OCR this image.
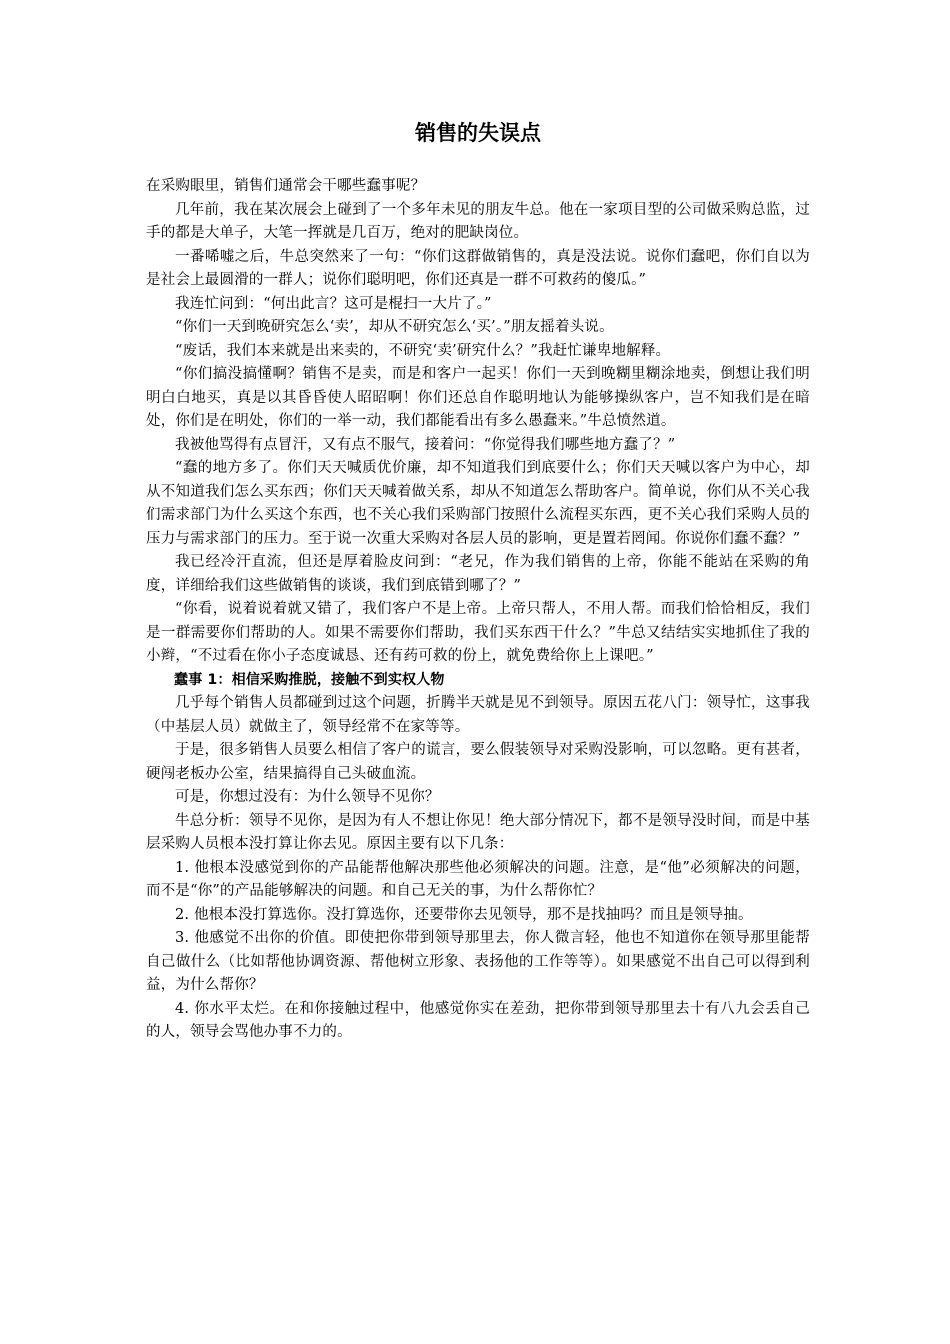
销售的失误点

在采购眼里，销售们通常会干哪些蠢事呢？

几年前，我在某次展会上碰到了一个多年未见的朋友牛总。他在一家项目型的公司做采购总监，过手的都是大单子，大笔一挥就是几百万，绝对的肥缺岗位。

一番唏嘘之后，牛总突然来了一句：“你们这群做销售的，真是没法说。说你们蠢吧，你们自以为是社会上最圆滑的一群人；说你们聪明吧，你们还真是一群不可救药的傻瓜。”

我连忙问到：“何出此言？这可是棍扫一大片了。”

“你们一天到晚研究怎么‘卖’，却从不研究怎么‘买’。”朋友摇着头说。

“废话，我们本来就是出来卖的，不研究‘卖’研究什么？”我赶忙谦卑地解释。

“你们搞没搞懂啊？销售不是卖，而是和客户一起买！你们一天到晚糊里糊涂地卖，倒想让我们明明白白地买，真是以其昏昏使人昭昭啊！你们还总自作聪明地认为能够操纵客户，岂不知我们是在暗处，你们是在明处，你们的一举一动，我们都能看出有多么愚蠢来。”牛总愤然道。

我被他骂得有点冒汗，又有点不服气，接着问：“你觉得我们哪些地方蠢了？”

“蠢的地方多了。你们天天喊质优价廉，却不知道我们到底要什么；你们天天喊以客户为中心，却从不知道我们怎么买东西；你们天天喊着做关系，却从不知道怎么帮助客户。简单说，你们从不关心我们需求部门为什么买这个东西，也不关心我们采购部门按照什么流程买东西，更不关心我们采购人员的压力与需求部门的压力。至于说一次重大采购对各层人员的影响，更是置若罔闻。你说你们蠢不蠢？”

我已经冷汗直流，但还是厚着脸皮问到：“老兄，作为我们销售的上帝，你能不能站在采购的角度，详细给我们这些做销售的谈谈，我们到底错到哪了？”

“你看，说着说着就又错了，我们客户不是上帝。上帝只帮人，不用人帮。而我们恰恰相反，我们是一群需要你们帮助的人。如果不需要你们帮助，我们买东西干什么？”牛总又结结实实地抓住了我的小辫，“不过看在你小子态度诚恳、还有药可救的份上，就免费给你上上课吧。”

蠢事 1：相信采购推脱，接触不到实权人物

几乎每个销售人员都碰到过这个问题，折腾半天就是见不到领导。原因五花八门：领导忙，这事我（中基层人员）就做主了，领导经常不在家等等。

于是，很多销售人员要么相信了客户的谎言，要么假装领导对采购没影响，可以忽略。更有甚者，硬闯老板办公室，结果搞得自己头破血流。

可是，你想过没有：为什么领导不见你？

牛总分析：领导不见你，是因为有人不想让你见！绝大部分情况下，都不是领导没时间，而是中基层采购人员根本没打算让你去见。原因主要有以下几条：

1. 他根本没感觉到你的产品能帮他解决那些他必须解决的问题。注意，是“他”必须解决的问题，而不是“你”的产品能够解决的问题。和自己无关的事，为什么帮你忙？

2. 他根本没打算选你。没打算选你，还要带你去见领导，那不是找抽吗？而且是领导抽。

3. 他感觉不出你的价值。即使把你带到领导那里去，你人微言轻，他也不知道你在领导那里能帮自己做什么（比如帮他协调资源、帮他树立形象、表扬他的工作等等）。如果感觉不出自己可以得到利益，为什么帮你？

4. 你水平太烂。在和你接触过程中，他感觉你实在差劲，把你带到领导那里去十有八九会丢自己的人，领导会骂他办事不力的。
